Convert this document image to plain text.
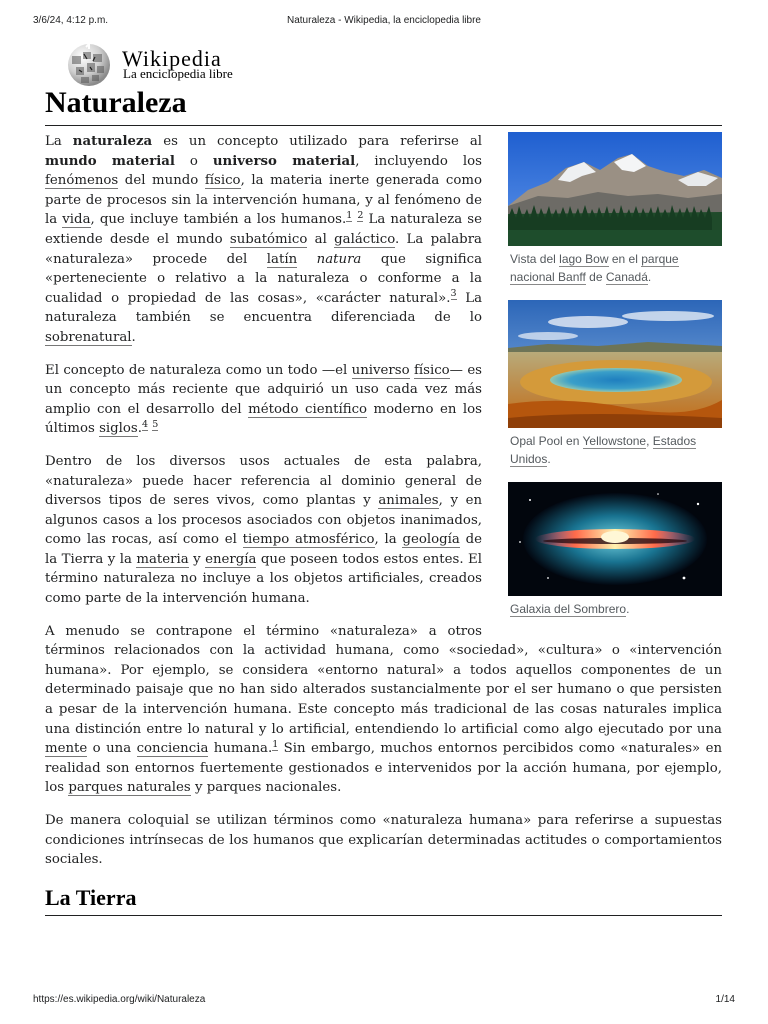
3/6/24, 4:12 p.m.	Naturaleza - Wikipedia, la enciclopedia libre
Wikipedia
La enciclopedia libre
Naturaleza
Vista del lago Bow en el parque nacional Banff de Canadá.
Opal Pool en Yellowstone, Estados Unidos.
Galaxia del Sombrero.

La naturaleza es un concepto utilizado para referirse al mundo material o universo material, incluyendo los fenómenos del mundo físico, la materia inerte generada como parte de procesos sin la intervención humana, y al fenómeno de la vida, que incluye también a los humanos.$^1$ $^2$ La naturaleza se extiende desde el mundo subatómico al galáctico. La palabra «naturaleza» procede del latín natura que significa «perteneciente o relativo a la naturaleza o conforme a la cualidad o propiedad de las cosas», «carácter natural».$^3$ La naturaleza también se encuentra diferenciada de lo sobrenatural.

El concepto de naturaleza como un todo —el universo físico— es un concepto más reciente que adquirió un uso cada vez más amplio con el desarrollo del método científico moderno en los últimos siglos.$^4$ $^5$

Dentro de los diversos usos actuales de esta palabra, «naturaleza» puede hacer referencia al dominio general de diversos tipos de seres vivos, como plantas y animales, y en algunos casos a los procesos asociados con objetos inanimados, como las rocas, así como el tiempo atmosférico, la geología de la Tierra y la materia y energía que poseen todos estos entes. El término naturaleza no incluye a los objetos artificiales, creados como parte de la intervención humana.

A menudo se contrapone el término «naturaleza» a otros términos relacionados con la actividad humana, como «sociedad», «cultura» o «intervención humana». Por ejemplo, se considera «entorno natural» a todos aquellos componentes de un determinado paisaje que no han sido alterados sustancialmente por el ser humano o que persisten a pesar de la intervención humana. Este concepto más tradicional de las cosas naturales implica una distinción entre lo natural y lo artificial, entendiendo lo artificial como algo ejecutado por una mente o una conciencia humana.$^1$ Sin embargo, muchos entornos percibidos como «naturales» en realidad son entornos fuertemente gestionados e intervenidos por la acción humana, por ejemplo, los parques naturales y parques nacionales.

De manera coloquial se utilizan términos como «naturaleza humana» para referirse a supuestas condiciones intrínsecas de los humanos que explicarían determinadas actitudes o comportamientos sociales.

La Tierra
https://es.wikipedia.org/wiki/Naturaleza	1/14
